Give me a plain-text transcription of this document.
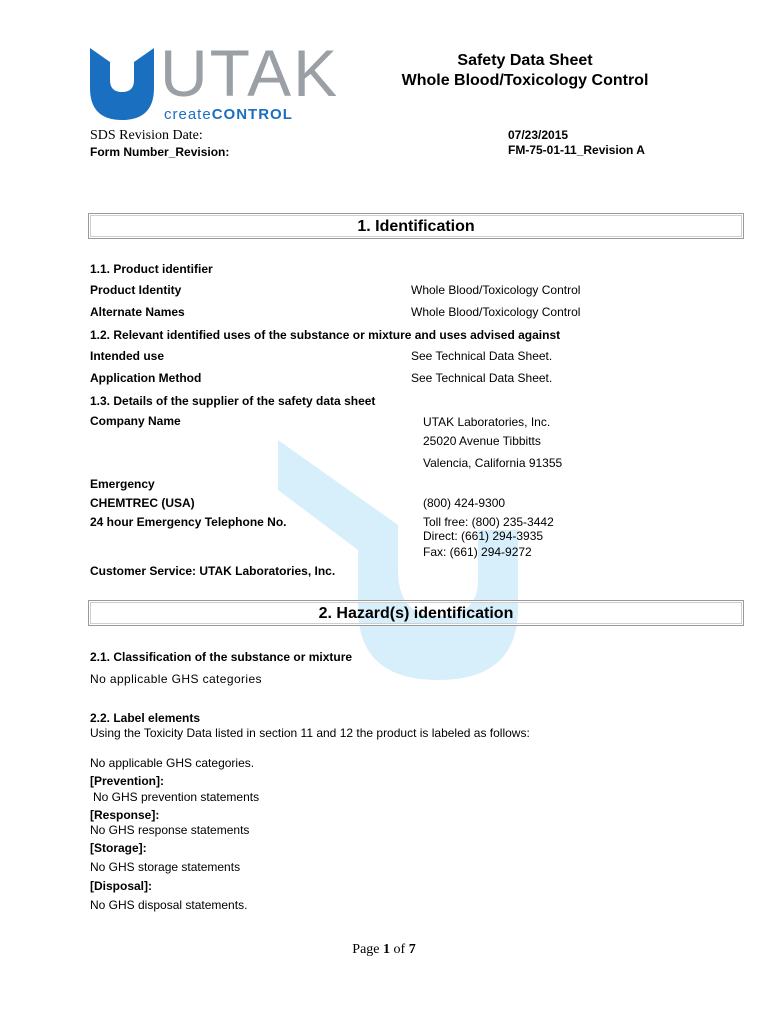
UTAK
createCONTROL
Safety Data Sheet
Whole Blood/Toxicology Control
SDS Revision Date:	07/23/2015
Form Number_Revision:	FM-75-01-11_Revision A
1. Identification
1.1. Product identifier
Product Identity	Whole Blood/Toxicology Control
Alternate Names	Whole Blood/Toxicology Control
1.2. Relevant identified uses of the substance or mixture and uses advised against
Intended use	See Technical Data Sheet.
Application Method	See Technical Data Sheet.
1.3. Details of the supplier of the safety data sheet
Company Name	UTAK Laboratories, Inc.
25020 Avenue Tibbitts
Valencia, California 91355
Emergency
CHEMTREC (USA)	(800) 424-9300
24 hour Emergency Telephone No.	Toll free: (800) 235-3442
Direct: (661) 294-3935
Fax: (661) 294-9272
Customer Service: UTAK Laboratories, Inc.
2. Hazard(s) identification
2.1. Classification of the substance or mixture
No applicable GHS categories
2.2. Label elements
Using the Toxicity Data listed in section 11 and 12 the product is labeled as follows:
No applicable GHS categories.
[Prevention]:
No GHS prevention statements
[Response]:
No GHS response statements
[Storage]:
No GHS storage statements
[Disposal]:
No GHS disposal statements.
Page 1 of 7
